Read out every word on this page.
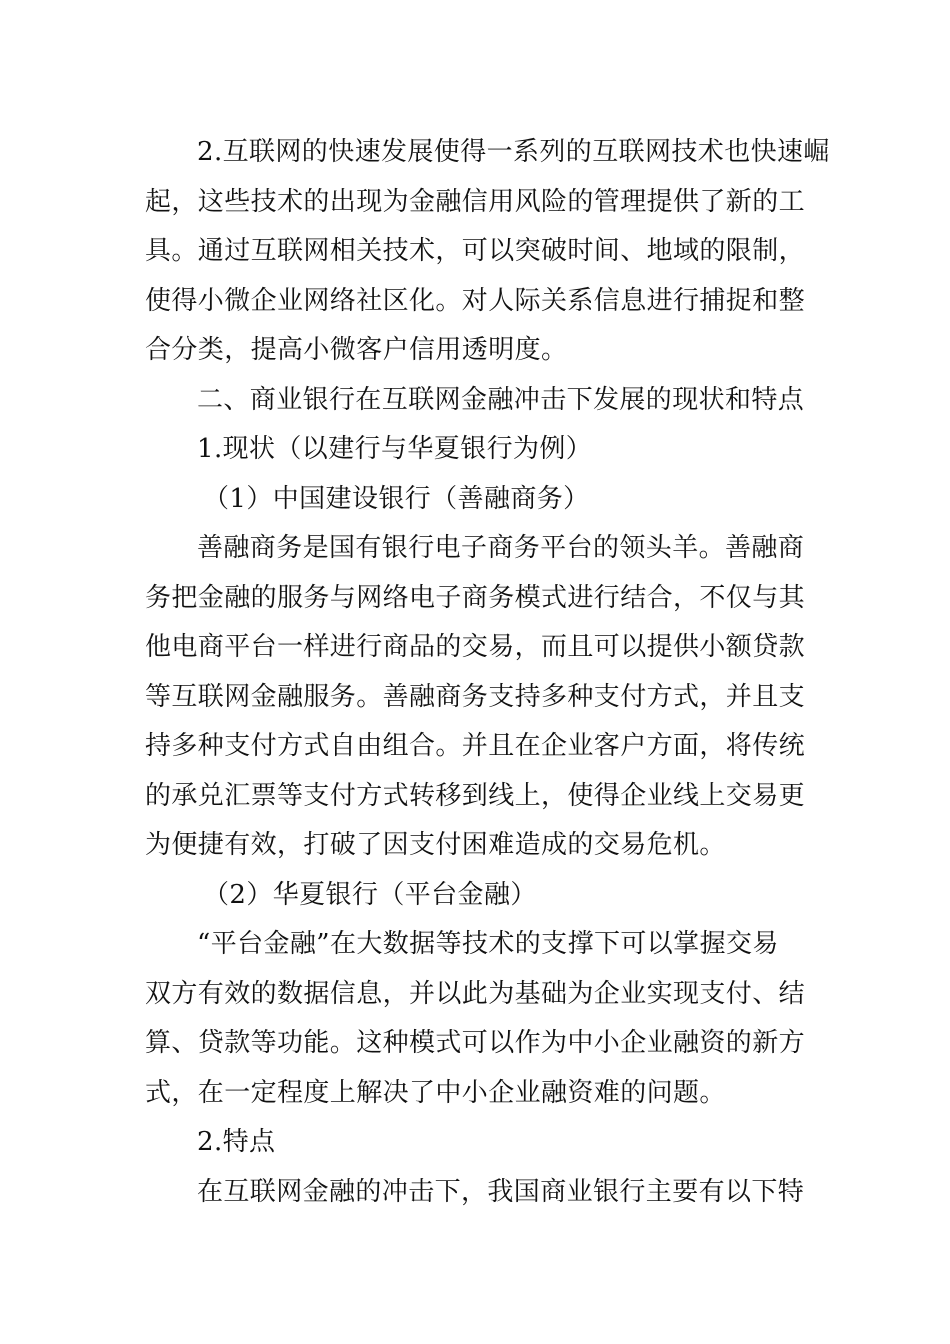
2.互联网的快速发展使得一系列的互联网技术也快速崛
起，这些技术的出现为金融信用风险的管理提供了新的工
具。通过互联网相关技术，可以突破时间、地域的限制，
使得小微企业网络社区化。对人际关系信息进行捕捉和整
合分类，提高小微客户信用透明度。
二、商业银行在互联网金融冲击下发展的现状和特点
1.现状（以建行与华夏银行为例）
（1）中国建设银行（善融商务）
善融商务是国有银行电子商务平台的领头羊。善融商
务把金融的服务与网络电子商务模式进行结合，不仅与其
他电商平台一样进行商品的交易，而且可以提供小额贷款
等互联网金融服务。善融商务支持多种支付方式，并且支
持多种支付方式自由组合。并且在企业客户方面，将传统
的承兑汇票等支付方式转移到线上，使得企业线上交易更
为便捷有效，打破了因支付困难造成的交易危机。
（2）华夏银行（平台金融）
“平台金融”在大数据等技术的支撑下可以掌握交易
双方有效的数据信息，并以此为基础为企业实现支付、结
算、贷款等功能。这种模式可以作为中小企业融资的新方
式，在一定程度上解决了中小企业融资难的问题。
2.特点
在互联网金融的冲击下，我国商业银行主要有以下特
